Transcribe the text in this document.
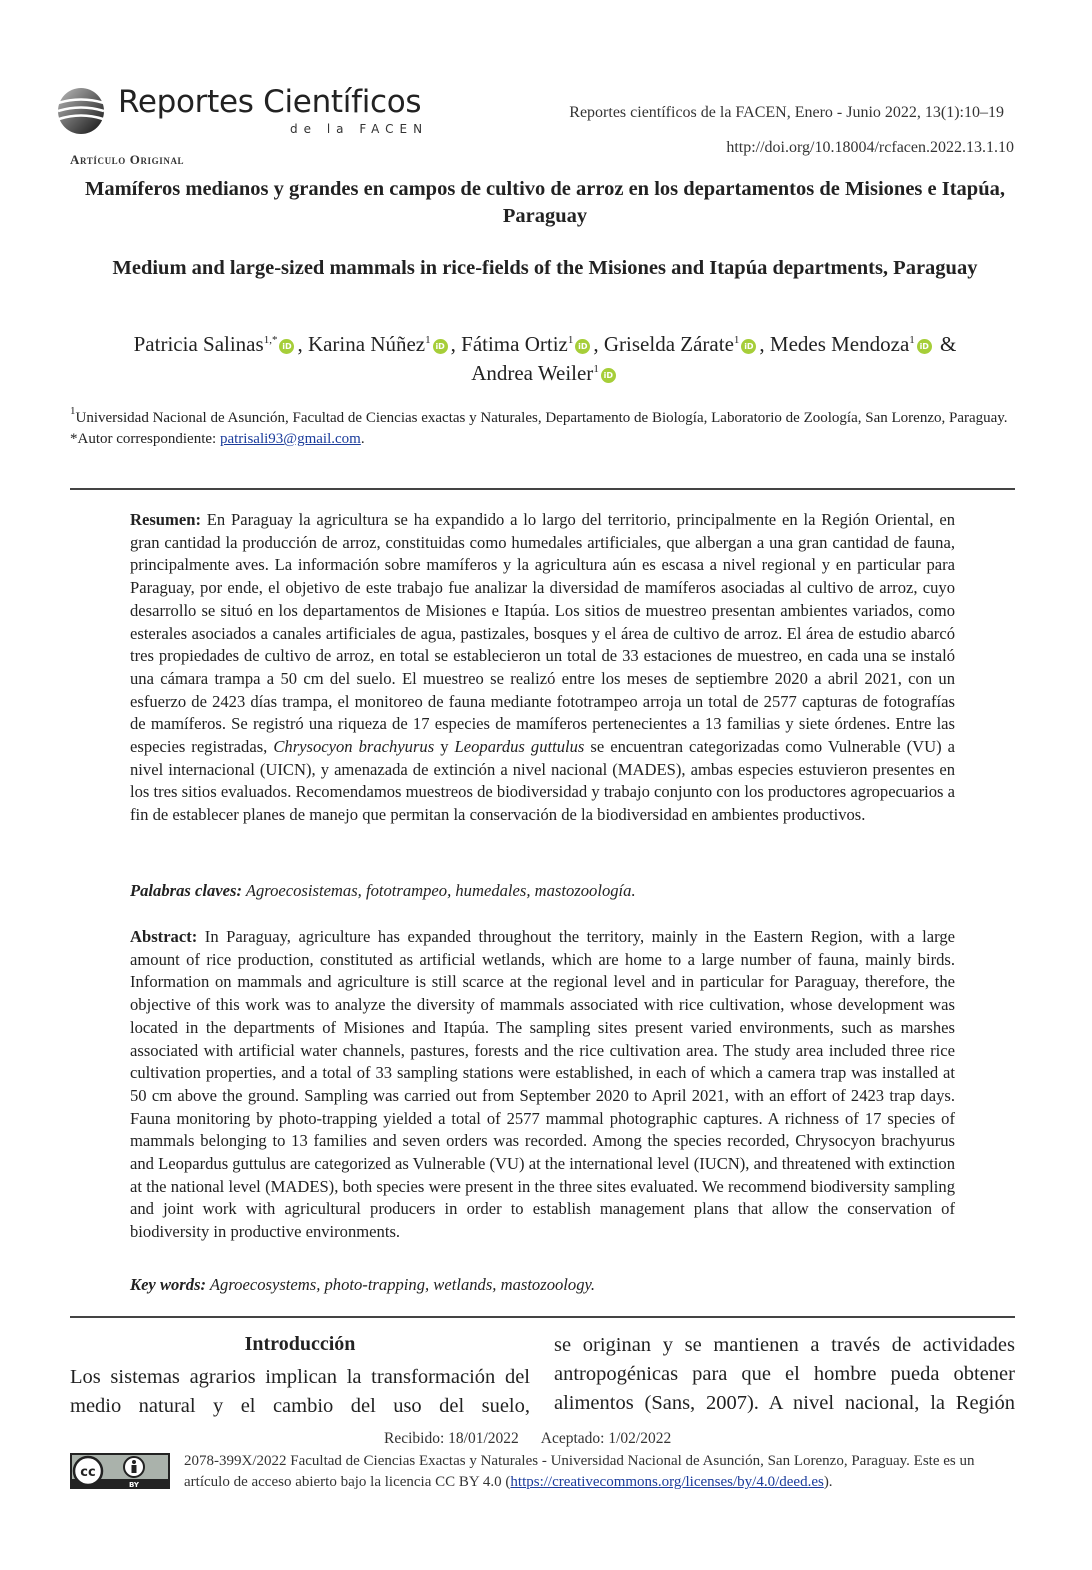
Reportes Científicos
de la FACEN
Reportes científicos de la FACEN, Enero - Junio 2022, 13(1):10–19
http://doi.org/10.18004/rcfacen.2022.13.1.10
Artículo Original
Mamíferos medianos y grandes en campos de cultivo de arroz en los departamentos de Misiones e Itapúa, Paraguay
Medium and large-sized mammals in rice-fields of the Misiones and Itapúa departments, Paraguay
Patricia Salinas$^{1,*}$iD , Karina Núñez$^1$iD , Fátima Ortiz$^1$iD , Griselda Zárate$^1$iD , Medes Mendoza$^1$iD &
Andrea Weiler$^1$iD
$^1$Universidad Nacional de Asunción, Facultad de Ciencias exactas y Naturales, Departamento de Biología, Laboratorio de Zoología, San Lorenzo, Paraguay.
*Autor correspondiente: patrisali93@gmail.com.
Resumen: En Paraguay la agricultura se ha expandido a lo largo del territorio, principalmente en la Región Oriental, en gran cantidad la producción de arroz, constituidas como humedales artificiales, que albergan a una gran cantidad de fauna, principalmente aves. La información sobre mamíferos y la agricultura aún es escasa a nivel regional y en particular para Paraguay, por ende, el objetivo de este trabajo fue analizar la diversidad de mamíferos asociadas al cultivo de arroz, cuyo desarrollo se situó en los departamentos de Misiones e Itapúa. Los sitios de muestreo presentan ambientes variados, como esterales asociados a canales artificiales de agua, pastizales, bosques y el área de cultivo de arroz. El área de estudio abarcó tres propiedades de cultivo de arroz, en total se establecieron un total de 33 estaciones de muestreo, en cada una se instaló una cámara trampa a 50 cm del suelo. El muestreo se realizó entre los meses de septiembre 2020 a abril 2021, con un esfuerzo de 2423 días trampa, el monitoreo de fauna mediante fototrampeo arroja un total de 2577 capturas de fotografías de mamíferos. Se registró una riqueza de 17 especies de mamíferos pertenecientes a 13 familias y siete órdenes. Entre las especies registradas, Chrysocyon brachyurus y Leopardus guttulus se encuentran categorizadas como Vulnerable (VU) a nivel internacional (UICN), y amenazada de extinción a nivel nacional (MADES), ambas especies estuvieron presentes en los tres sitios evaluados. Recomendamos muestreos de biodiversidad y trabajo conjunto con los productores agropecuarios a fin de establecer planes de manejo que permitan la conservación de la biodiversidad en ambientes productivos.
Palabras claves: Agroecosistemas, fototrampeo, humedales, mastozoología.
Abstract: In Paraguay, agriculture has expanded throughout the territory, mainly in the Eastern Region, with a large amount of rice production, constituted as artificial wetlands, which are home to a large number of fauna, mainly birds. Information on mammals and agriculture is still scarce at the regional level and in particular for Paraguay, therefore, the objective of this work was to analyze the diversity of mammals associated with rice cultivation, whose development was located in the departments of Misiones and Itapúa. The sampling sites present varied environments, such as marshes associated with artificial water channels, pastures, forests and the rice cultivation area. The study area included three rice cultivation properties, and a total of 33 sampling stations were established, in each of which a camera trap was installed at 50 cm above the ground. Sampling was carried out from September 2020 to April 2021, with an effort of 2423 trap days. Fauna monitoring by photo-trapping yielded a total of 2577 mammal photographic captures. A richness of 17 species of mammals belonging to 13 families and seven orders was recorded. Among the species recorded, Chrysocyon brachyurus and Leopardus guttulus are categorized as Vulnerable (VU) at the international level (IUCN), and threatened with extinction at the national level (MADES), both species were present in the three sites evaluated. We recommend biodiversity sampling and joint work with agricultural producers in order to establish management plans that allow the conservation of biodiversity in productive environments.
Key words: Agroecosystems, photo-trapping, wetlands, mastozoology.
Introducción
Los sistemas agrarios implican la transformación del medio natural y el cambio del uso del suelo,
se originan y se mantienen a través de actividades antropogénicas para que el hombre pueda obtener alimentos (Sans, 2007). A nivel nacional, la Región
Recibido: 18/01/2022 Aceptado: 1/02/2022
cc
BY
2078-399X/2022 Facultad de Ciencias Exactas y Naturales - Universidad Nacional de Asunción, San Lorenzo, Paraguay. Este es un artículo de acceso abierto bajo la licencia CC BY 4.0 (https://creativecommons.org/licenses/by/4.0/deed.es).
